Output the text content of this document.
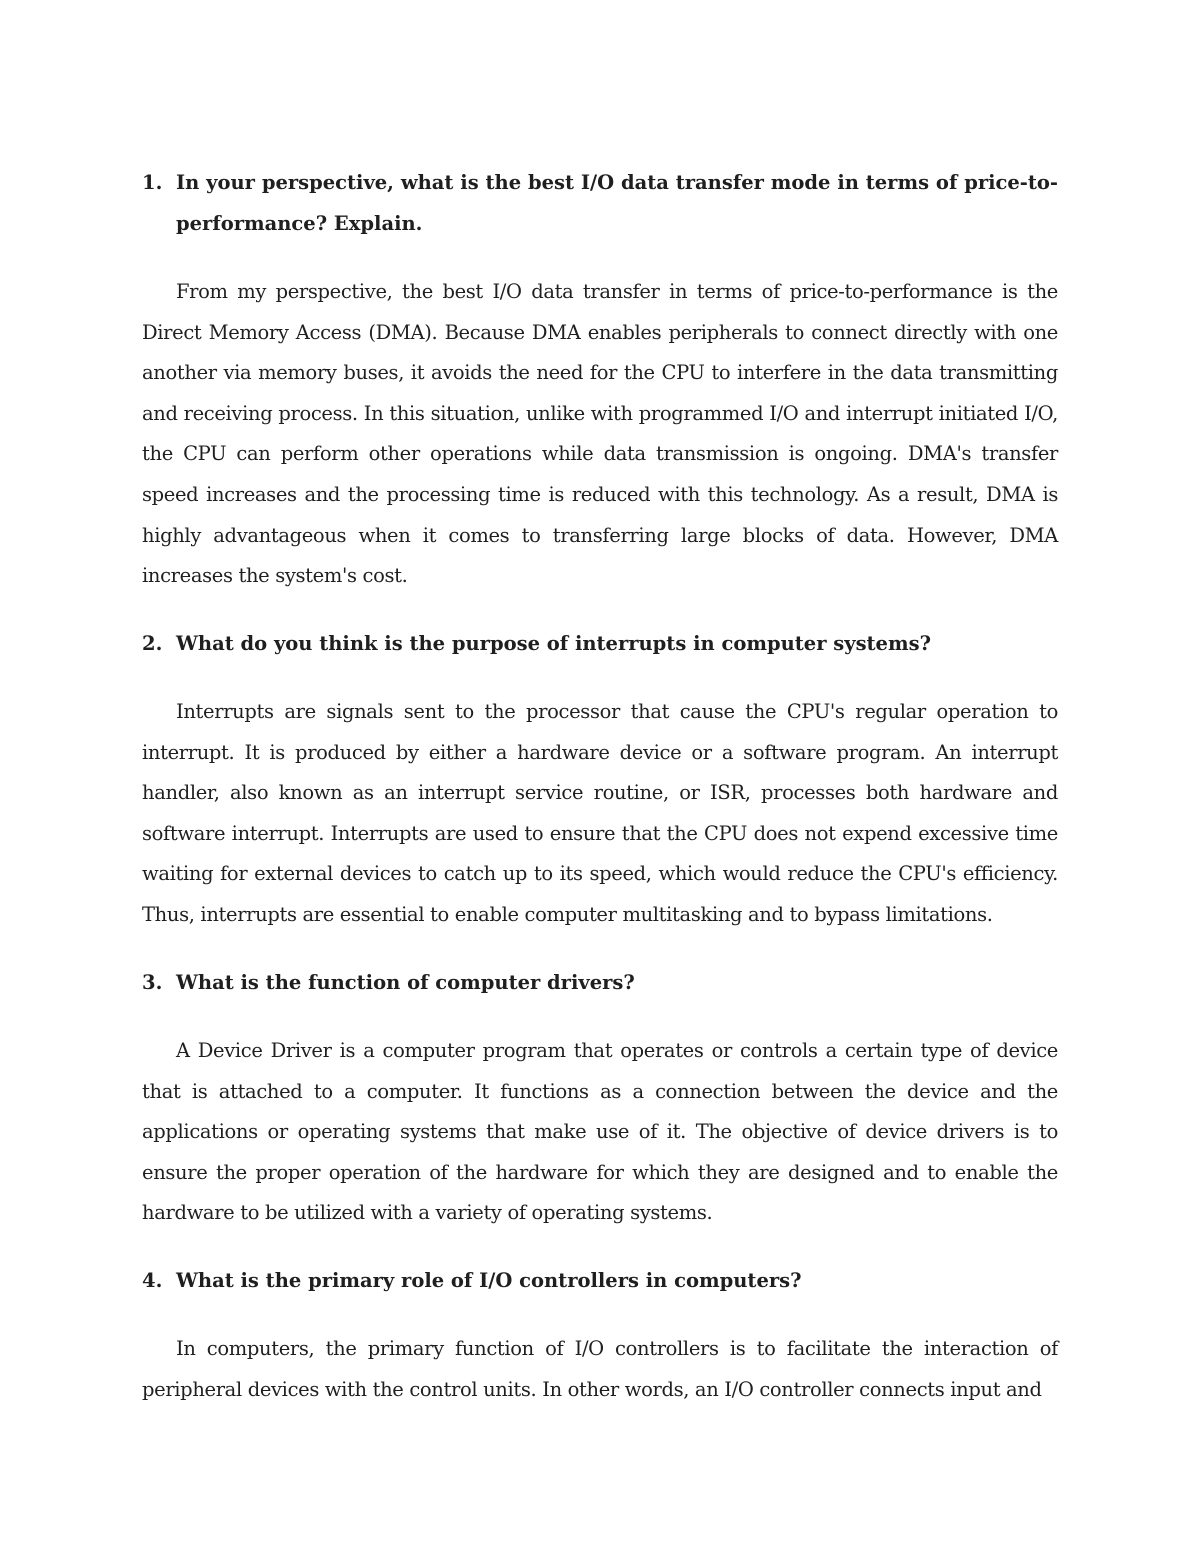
1. In your perspective, what is the best I/O data transfer mode in terms of price-to-performance? Explain.

From my perspective, the best I/O data transfer in terms of price-to-performance is the Direct Memory Access (DMA). Because DMA enables peripherals to connect directly with one another via memory buses, it avoids the need for the CPU to interfere in the data transmitting and receiving process. In this situation, unlike with programmed I/O and interrupt initiated I/O, the CPU can perform other operations while data transmission is ongoing. DMA's transfer speed increases and the processing time is reduced with this technology. As a result, DMA is highly advantageous when it comes to transferring large blocks of data. However, DMA increases the system's cost.

2. What do you think is the purpose of interrupts in computer systems?

Interrupts are signals sent to the processor that cause the CPU's regular operation to interrupt. It is produced by either a hardware device or a software program. An interrupt handler, also known as an interrupt service routine, or ISR, processes both hardware and software interrupt. Interrupts are used to ensure that the CPU does not expend excessive time waiting for external devices to catch up to its speed, which would reduce the CPU's efficiency. Thus, interrupts are essential to enable computer multitasking and to bypass limitations.

3. What is the function of computer drivers?

A Device Driver is a computer program that operates or controls a certain type of device that is attached to a computer. It functions as a connection between the device and the applications or operating systems that make use of it. The objective of device drivers is to ensure the proper operation of the hardware for which they are designed and to enable the hardware to be utilized with a variety of operating systems.

4. What is the primary role of I/O controllers in computers?

In computers, the primary function of I/O controllers is to facilitate the interaction of peripheral devices with the control units. In other words, an I/O controller connects input and
